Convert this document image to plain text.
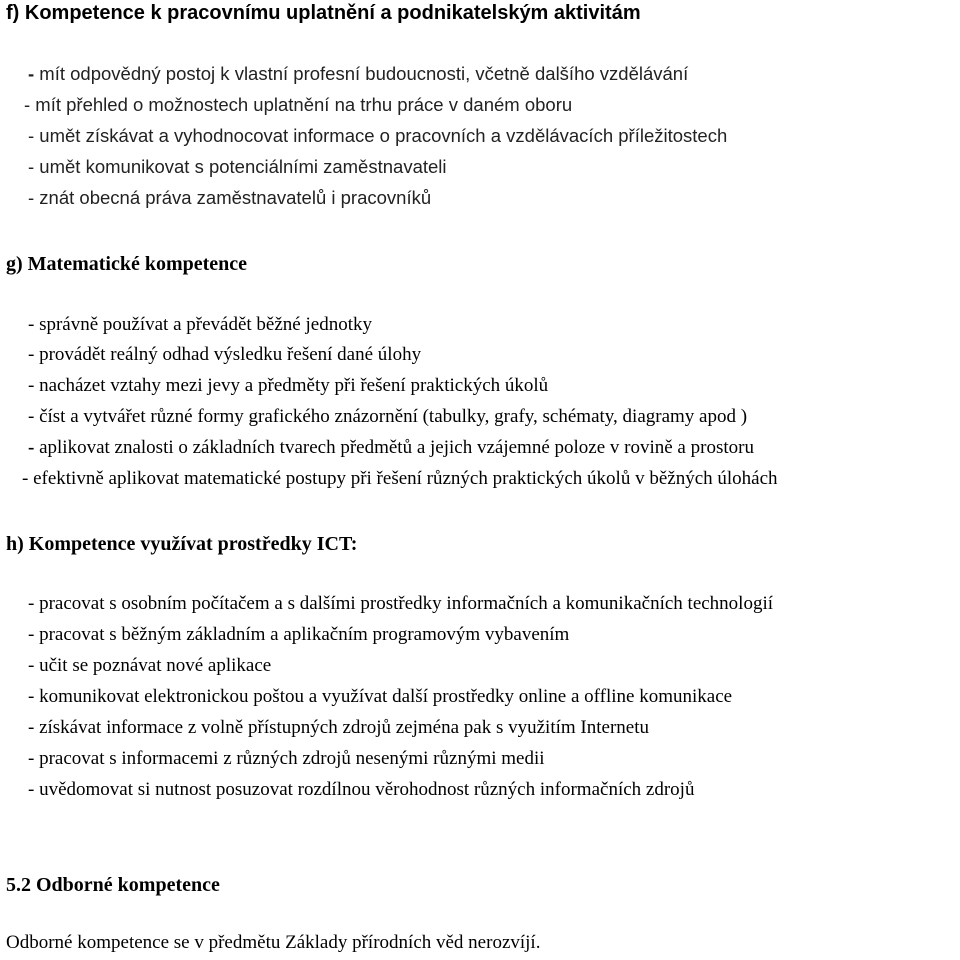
f) Kompetence k pracovnímu uplatnění a podnikatelským aktivitám
- mít odpovědný postoj k vlastní profesní budoucnosti, včetně dalšího vzdělávání
- mít přehled o možnostech uplatnění na trhu práce v daném oboru
- umět získávat a vyhodnocovat informace o pracovních a vzdělávacích příležitostech
- umět komunikovat s potenciálními zaměstnavateli
- znát obecná práva zaměstnavatelů i pracovníků
g) Matematické kompetence
- správně používat a převádět běžné jednotky
- provádět reálný odhad výsledku řešení dané úlohy
- nacházet vztahy mezi jevy a předměty při řešení praktických úkolů
- číst a vytvářet různé formy grafického znázornění (tabulky, grafy, schématy, diagramy apod )
- aplikovat znalosti o základních tvarech předmětů a jejich vzájemné poloze v rovině a prostoru
- efektivně aplikovat matematické postupy při řešení různých praktických úkolů v běžných úlohách
h) Kompetence využívat prostředky ICT:
- pracovat s osobním počítačem a s dalšími prostředky informačních a komunikačních technologií
- pracovat s běžným základním a aplikačním programovým vybavením
- učit se poznávat nové aplikace
- komunikovat elektronickou poštou a využívat další prostředky online a offline komunikace
- získávat informace z volně přístupných zdrojů zejména pak s využitím Internetu
- pracovat s informacemi z různých zdrojů nesenými různými medii
- uvědomovat si nutnost posuzovat rozdílnou věrohodnost různých informačních zdrojů
5.2 Odborné kompetence

Odborné kompetence se v předmětu Základy přírodních věd nerozvíjí.
